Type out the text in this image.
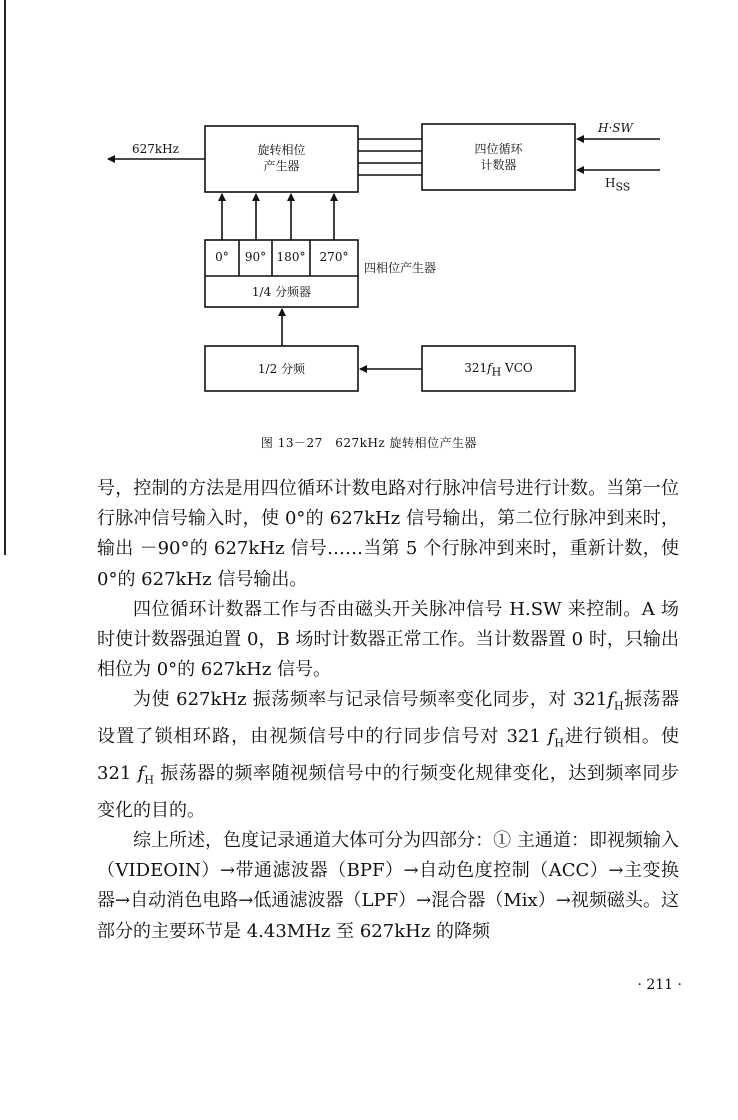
627kHz	旋转相位
产生器
四位循环
计数器
H·SW
$H_{SS}$
0°	90° 180°	270°
四相位产生器
1/4 分频器
1/2 分频	$321f_H$ VCO
图 13－27　627kHz 旋转相位产生器

号，控制的方法是用四位循环计数电路对行脉冲信号进行计数。当第一位行脉冲信号输入时，使 0°的 627kHz 信号输出，第二位行脉冲到来时，输出 －90°的 627kHz 信号……当第 5 个行脉冲到来时，重新计数，使 0°的 627kHz 信号输出。

四位循环计数器工作与否由磁头开关脉冲信号 H.SW 来控制。A 场时使计数器强迫置 0，B 场时计数器正常工作。当计数器置 0 时，只输出相位为 0°的 627kHz 信号。

为使 627kHz 振荡频率与记录信号频率变化同步，对 $321f_H$振荡器设置了锁相环路，由视频信号中的行同步信号对 321 $f_H$进行锁相。使 321 $f_H$ 振荡器的频率随视频信号中的行频变化规律变化，达到频率同步变化的目的。

综上所述，色度记录通道大体可分为四部分：① 主通道：即视频输入（VIDEOIN）→带通滤波器（BPF）→自动色度控制（ACC）→主变换器→自动消色电路→低通滤波器（LPF）→混合器（Mix）→视频磁头。这部分的主要环节是 4.43MHz 至 627kHz 的降频

· 211 ·
